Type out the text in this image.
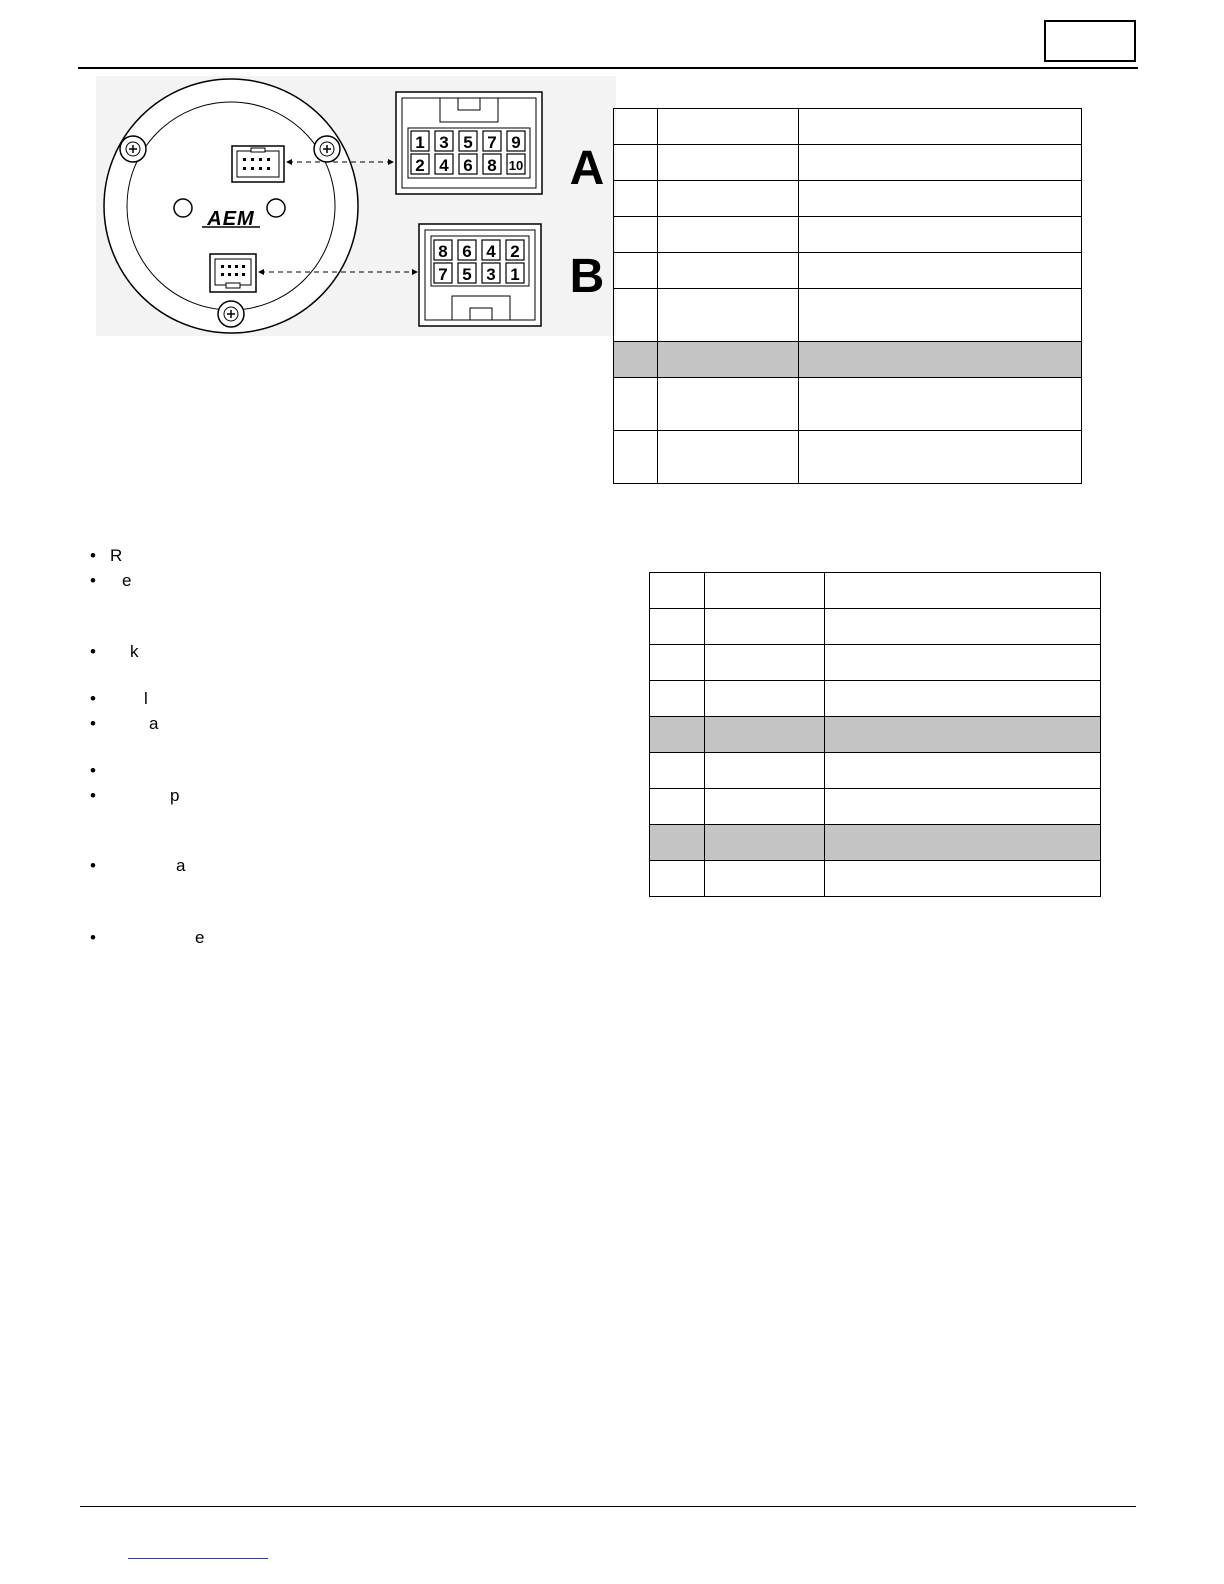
AEM
1 3 5 7 9
2 4 6 8 10
8 6 4 2
7 5 3 1
A
B

• R
• e
• k
•	l
•	a
•
•	p
•	a
•	e
